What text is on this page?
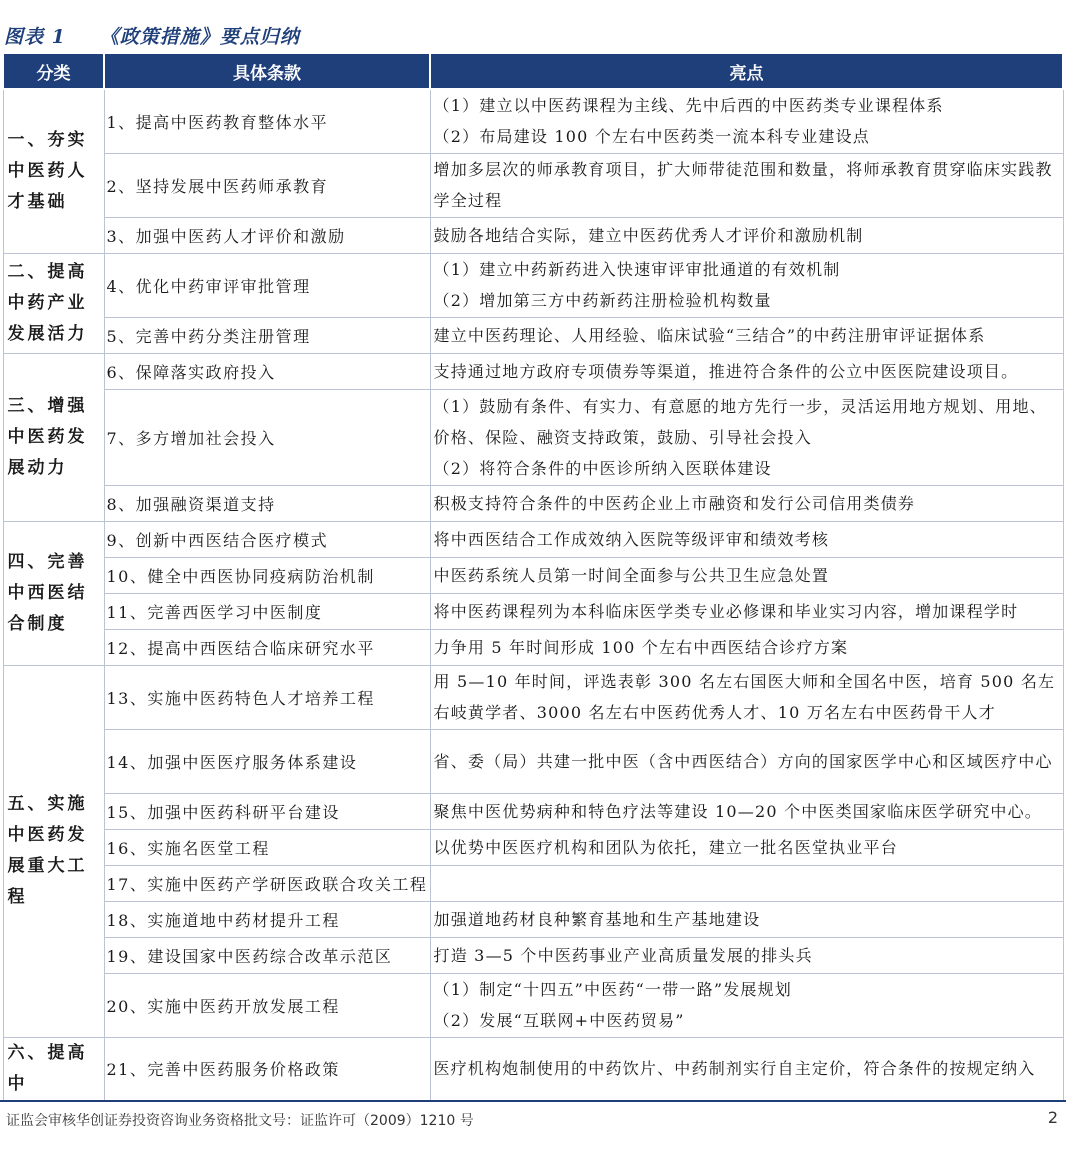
图表 1 《政策措施》要点归纳
分类	具体条款	亮点
一、夯实中医药人才基础	1、提高中医药教育整体水平	（1）建立以中医药课程为主线、先中后西的中医药类专业课程体系
（2）布局建设 100 个左右中医药类一流本科专业建设点

	2、坚持发展中医药师承教育	增加多层次的师承教育项目，扩大师带徒范围和数量，将师承教育贯穿临床实践教学全过程

	3、加强中医药人才评价和激励	鼓励各地结合实际，建立中医药优秀人才评价和激励机制

二、提高中药产业发展活力	4、优化中药审评审批管理	（1）建立中药新药进入快速审评审批通道的有效机制
（2）增加第三方中药新药注册检验机构数量

	5、完善中药分类注册管理	建立中医药理论、人用经验、临床试验“三结合”的中药注册审评证据体系

三、增强中医药发展动力	6、保障落实政府投入	支持通过地方政府专项债券等渠道，推进符合条件的公立中医医院建设项目。

	7、多方增加社会投入	（1）鼓励有条件、有实力、有意愿的地方先行一步，灵活运用地方规划、用地、价格、保险、融资支持政策，鼓励、引导社会投入
（2）将符合条件的中医诊所纳入医联体建设

	8、加强融资渠道支持	积极支持符合条件的中医药企业上市融资和发行公司信用类债券

四、完善中西医结合制度	9、创新中西医结合医疗模式	将中西医结合工作成效纳入医院等级评审和绩效考核

	10、健全中西医协同疫病防治机制	中医药系统人员第一时间全面参与公共卫生应急处置

	11、完善西医学习中医制度	将中医药课程列为本科临床医学类专业必修课和毕业实习内容，增加课程学时

	12、提高中西医结合临床研究水平	力争用 5 年时间形成 100 个左右中西医结合诊疗方案

五、实施中医药发展重大工程	13、实施中医药特色人才培养工程	用 5—10 年时间，评选表彰 300 名左右国医大师和全国名中医，培育 500 名左右岐黄学者、3000 名左右中医药优秀人才、10 万名左右中医药骨干人才

	14、加强中医医疗服务体系建设	省、委（局）共建一批中医（含中西医结合）方向的国家医学中心和区域医疗中心

	15、加强中医药科研平台建设	聚焦中医优势病种和特色疗法等建设 10—20 个中医类国家临床医学研究中心。

	16、实施名医堂工程	以优势中医医疗机构和团队为依托，建立一批名医堂执业平台

	17、实施中医药产学研医政联合攻关工程	

	18、实施道地中药材提升工程	加强道地药材良种繁育基地和生产基地建设

	19、建设国家中医药综合改革示范区	打造 3—5 个中医药事业产业高质量发展的排头兵

	20、实施中医药开放发展工程	（1）制定“十四五”中医药“一带一路”发展规划
（2）发展“互联网+中医药贸易”

六、提高中	21、完善中医药服务价格政策	医疗机构炮制使用的中药饮片、中药制剂实行自主定价，符合条件的按规定纳入
证监会审核华创证券投资咨询业务资格批文号：证监许可（2009）1210 号	2
